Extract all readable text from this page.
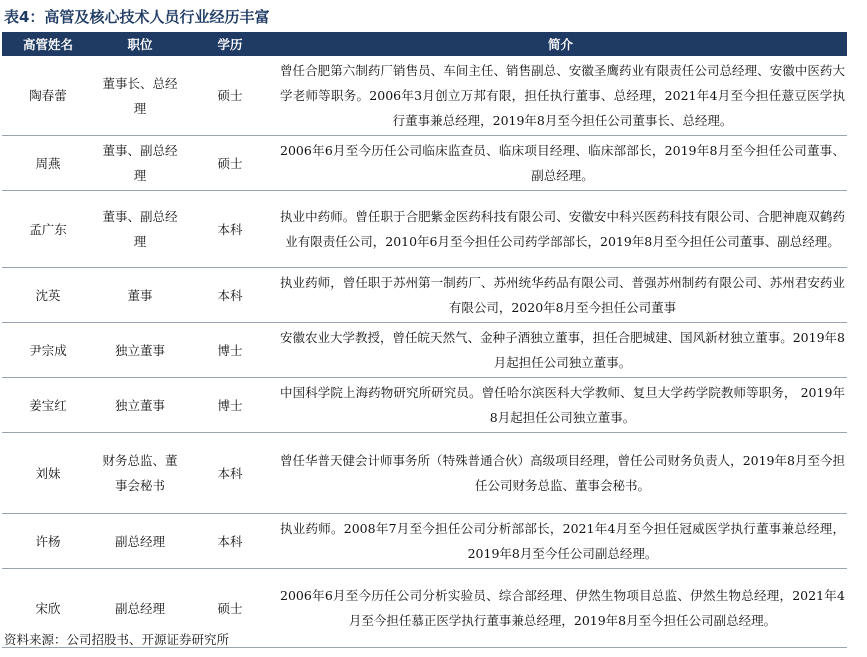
表4：高管及核心技术人员行业经历丰富
高管姓名	职位	学历	简介
陶春蕾	董事长、总经理	硕士	曾任合肥第六制药厂销售员、车间主任、销售副总、安徽圣鹰药业有限责任公司总经理、安徽中医药大学老师等职务。2006年3月创立万邦有限，担任执行董事、总经理，2021年4月至今担任薏豆医学执行董事兼总经理，2019年8月至今担任公司董事长、总经理。
周燕	董事、副总经理	硕士	2006年6月至今历任公司临床监查员、临床项目经理、临床部部长，2019年8月至今担任公司董事、副总经理。
孟广东	董事、副总经理	本科	执业中药师。曾任职于合肥紫金医药科技有限公司、安徽安中科兴医药科技有限公司、合肥神鹿双鹤药业有限责任公司，2010年6月至今担任公司药学部部长，2019年8月至今担任公司董事、副总经理。
沈英	董事	本科	执业药师，曾任职于苏州第一制药厂、苏州统华药品有限公司、普强苏州制药有限公司、苏州君安药业有限公司，2020年8月至今担任公司董事
尹宗成	独立董事	博士	安徽农业大学教授，曾任皖天然气、金种子酒独立董事，担任合肥城建、国风新材独立董事。2019年8月起担任公司独立董事。
姜宝红	独立董事	博士	中国科学院上海药物研究所研究员。曾任哈尔滨医科大学教师、复旦大学药学院教师等职务， 2019年8月起担任公司独立董事。
刘妹	财务总监、董事会秘书	本科	曾任华普天健会计师事务所（特殊普通合伙）高级项目经理，曾任公司财务负责人，2019年8月至今担任公司财务总监、董事会秘书。
许杨	副总经理	本科	执业药师。2008年7月至今担任公司分析部部长，2021年4月至今担任冠威医学执行董事兼总经理，2019年8月至今任公司副总经理。
宋欣	副总经理	硕士	2006年6月至今历任公司分析实验员、综合部经理、伊然生物项目总监、伊然生物总经理，2021年4月至今担任慕正医学执行董事兼总经理，2019年8月至今担任公司副总经理。
资料来源：公司招股书、开源证券研究所
